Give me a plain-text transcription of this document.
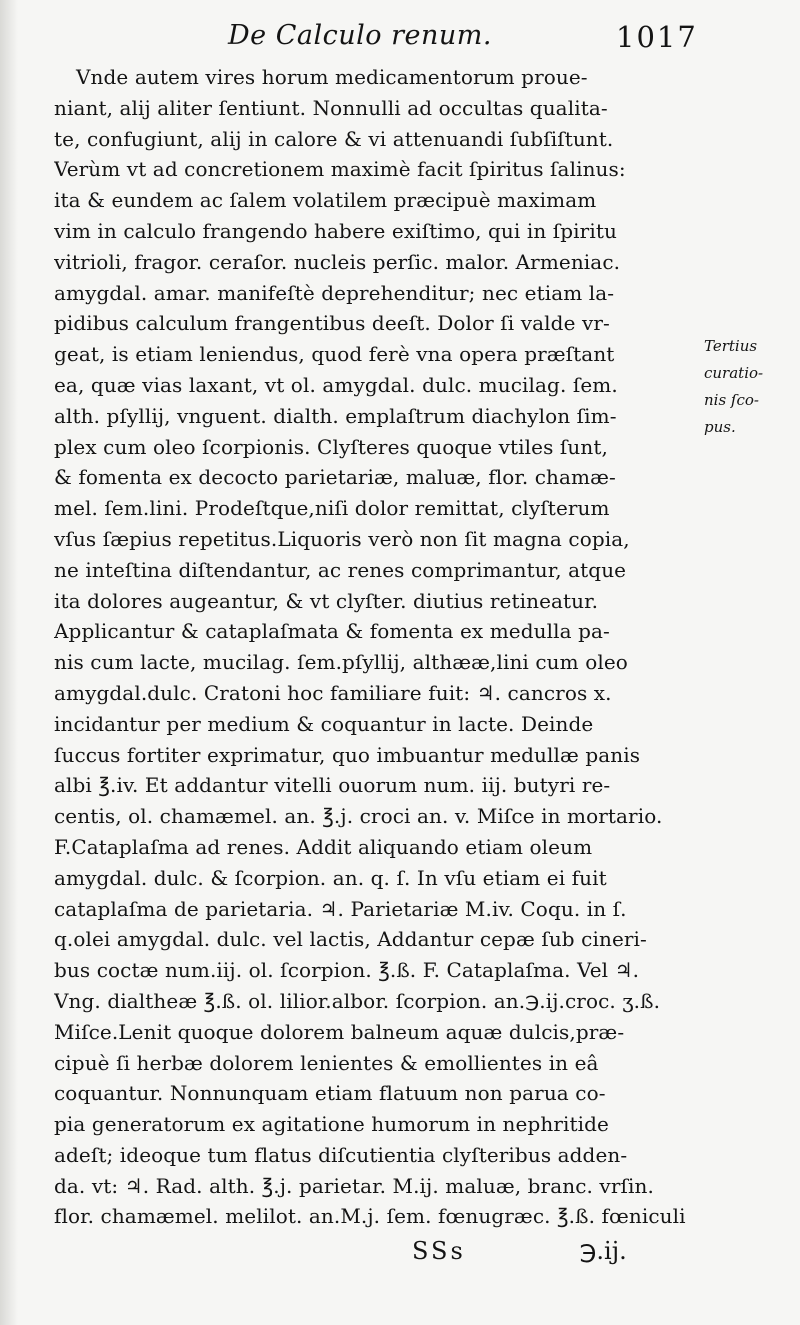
De Calculo renum.	1017
Vnde autem vires horum medicamentorum proue-
niant, alij aliter ſentiunt. Nonnulli ad occultas qualita-
te, confugiunt, alij in calore & vi attenuandi ſubſiſtunt.
Verùm vt ad concretionem maximè facit ſpiritus ſalinus:
ita & eundem ac ſalem volatilem præcipuè maximam
vim in calculo frangendo habere exiſtimo, qui in ſpiritu
vitrioli, fragor. ceraſor. nucleis perſic. malor. Armeniac.
amygdal. amar. manifeſtè deprehenditur; nec etiam la-
pidibus calculum frangentibus deeſt. Dolor ſi valde vr-
geat, is etiam leniendus, quod ferè vna opera præſtant
ea, quæ vias laxant, vt ol. amygdal. dulc. mucilag. ſem.
alth. pſyllij, vnguent. dialth. emplaſtrum diachylon ſim-
plex cum oleo ſcorpionis. Clyſteres quoque vtiles ſunt,
& fomenta ex decocto parietariæ, maluæ, flor. chamæ-
mel. ſem.lini. Prodeſtque,niſi dolor remittat, clyſterum
vſus ſæpius repetitus.Liquoris verò non ſit magna copia,
ne inteſtina diſtendantur, ac renes comprimantur, atque
ita dolores augeantur, & vt clyſter. diutius retineatur.
Applicantur & cataplaſmata & fomenta ex medulla pa-
nis cum lacte, mucilag. ſem.pſyllij, althææ,lini cum oleo
amygdal.dulc. Cratoni hoc familiare fuit: ♃. cancros x.
incidantur per medium & coquantur in lacte. Deinde
ſuccus fortiter exprimatur, quo imbuantur medullæ panis
albi ℥.iv. Et addantur vitelli ouorum num. iij. butyri re-
centis, ol. chamæmel. an. ℥.j. croci an. v. Miſce in mortario.
F.Cataplaſma ad renes. Addit aliquando etiam oleum
amygdal. dulc. & ſcorpion. an. q. ſ. In vſu etiam ei fuit
cataplaſma de parietaria. ♃. Parietariæ M.iv. Coqu. in ſ.
q.olei amygdal. dulc. vel lactis, Addantur cepæ ſub cineri-
bus coctæ num.iij. ol. ſcorpion. ℥.ß. F. Cataplaſma. Vel ♃.
Vng. dialtheæ ℥.ß. ol. lilior.albor. ſcorpion. an.℈.ij.croc. ʒ.ß.
Miſce.Lenit quoque dolorem balneum aquæ dulcis,præ-
cipuè ſi herbæ dolorem lenientes & emollientes in eâ
coquantur. Nonnunquam etiam flatuum non parua co-
pia generatorum ex agitatione humorum in nephritide
adeſt; ideoque tum flatus diſcutientia clyſteribus adden-
da. vt: ♃. Rad. alth. ℥.j. parietar. M.ij. maluæ, branc. vrſin.
flor. chamæmel. melilot. an.M.j. ſem. fœnugræc. ℥.ß. fœniculi
Tertius
curatio-
nis ſco-
pus.
SSs	℈.ij.
